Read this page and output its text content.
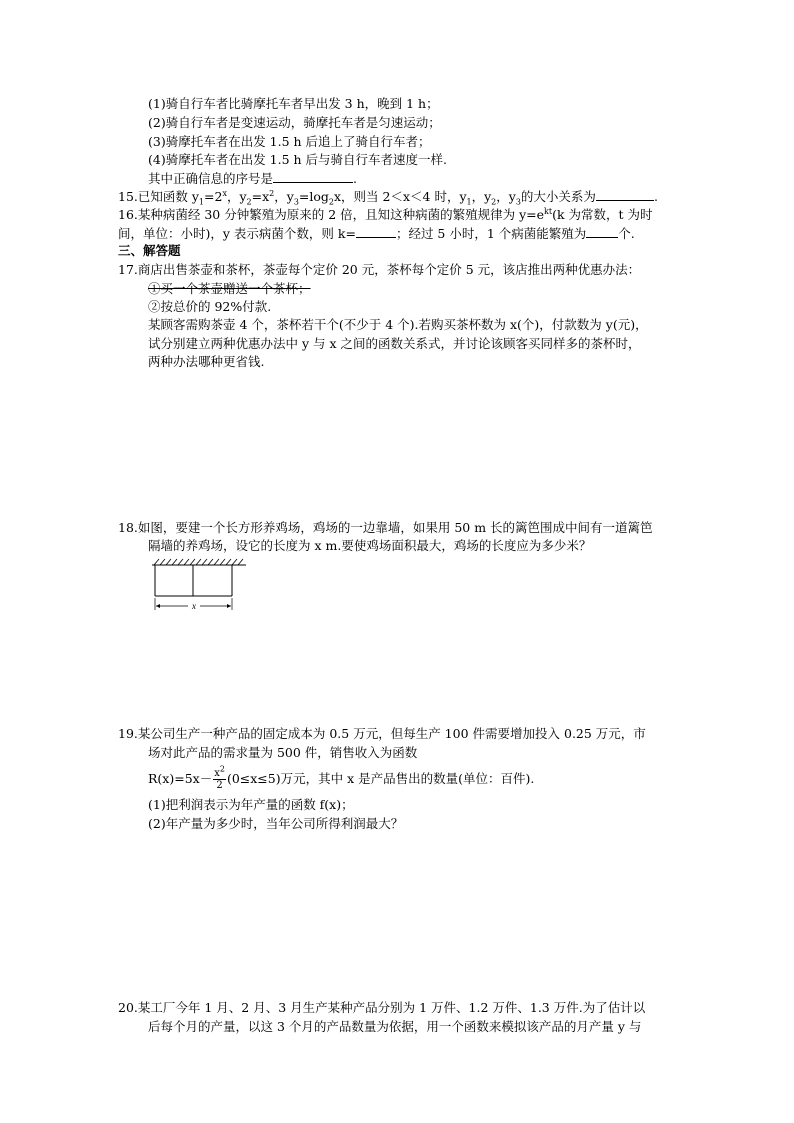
(1)骑自行车者比骑摩托车者早出发 3 h，晚到 1 h；
(2)骑自行车者是变速运动，骑摩托车者是匀速运动；
(3)骑摩托车者在出发 1.5 h 后追上了骑自行车者；
(4)骑摩托车者在出发 1.5 h 后与骑自行车者速度一样.
其中正确信息的序号是	.
15.已知函数 $y_1=2^x$，$y_2=x^2$，$y_3=\log_2x$，则当 2＜x＜4 时，$y_1$，$y_2$，$y_3$的大小关系为	.
16.某种病菌经 30 分钟繁殖为原来的 2 倍，且知这种病菌的繁殖规律为 $y=e^{kt}(k$ 为常数，t 为时
间，单位：小时)，y 表示病菌个数，则 k=	；经过 5 小时，1 个病菌能繁殖为	个.
三、解答题
17.商店出售茶壶和茶杯，茶壶每个定价 20 元，茶杯每个定价 5 元，该店推出两种优惠办法：
①买一个茶壶赠送一个茶杯；
②按总价的 92%付款.
某顾客需购茶壶 4 个，茶杯若干个(不少于 4 个).若购买茶杯数为 x(个)，付款数为 y(元)，
试分别建立两种优惠办法中 y 与 x 之间的函数关系式，并讨论该顾客买同样多的茶杯时，
两种办法哪种更省钱.
18.如图，要建一个长方形养鸡场，鸡场的一边靠墙，如果用 50 m 长的篱笆围成中间有一道篱笆
隔墙的养鸡场，设它的长度为 x m.要使鸡场面积最大，鸡场的长度应为多少米？
x
19.某公司生产一种产品的固定成本为 0.5 万元，但每生产 100 件需要增加投入 0.25 万元，市
场对此产品的需求量为 500 件，销售收入为函数
$R(x)=5x- \frac{x^2}{2} (0\le x\le 5)$万元，其中 x 是产品售出的数量(单位：百件).
(1)把利润表示为年产量的函数 f(x)；
(2)年产量为多少时，当年公司所得利润最大？
20.某工厂今年 1 月、2 月、3 月生产某种产品分别为 1 万件、1.2 万件、1.3 万件.为了估计以
后每个月的产量，以这 3 个月的产品数量为依据，用一个函数来模拟该产品的月产量 y 与
